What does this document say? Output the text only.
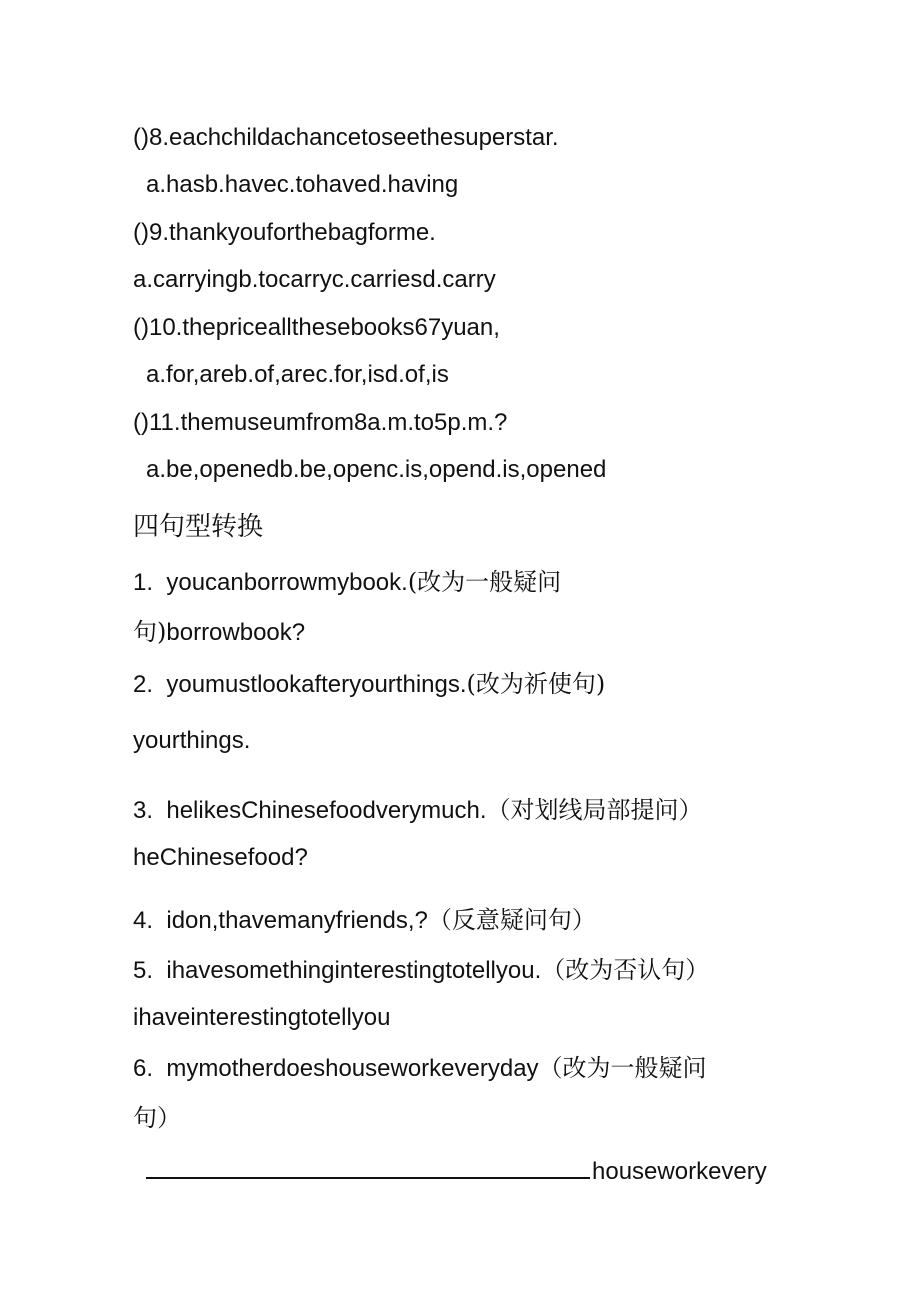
()8.eachchildachancetoseethesuperstar.
a.hasb.havec.tohaved.having
()9.thankyouforthebagforme.
a.carryingb.tocarryc.carriesd.carry
()10.thepriceallthesebooks67yuan,
a.for,areb.of,arec.for,isd.of,is
()11.themuseumfrom8a.m.to5p.m.?
a.be,openedb.be,openc.is,opend.is,opened
四句型转换
1. youcanborrowmybook.(改为一般疑问
句)borrowbook?
2. youmustlookafteryourthings.(改为祈使句)
yourthings.
3. helikesChinesefoodverymuch.（对划线局部提问）
heChinesefood?
4. idon,thavemanyfriends,?（反意疑问句）
5. ihavesomethinginterestingtotellyou.（改为否认句）
ihaveinterestingtotellyou
6. mymotherdoeshouseworkeveryday（改为一般疑问
句）
houseworkevery
